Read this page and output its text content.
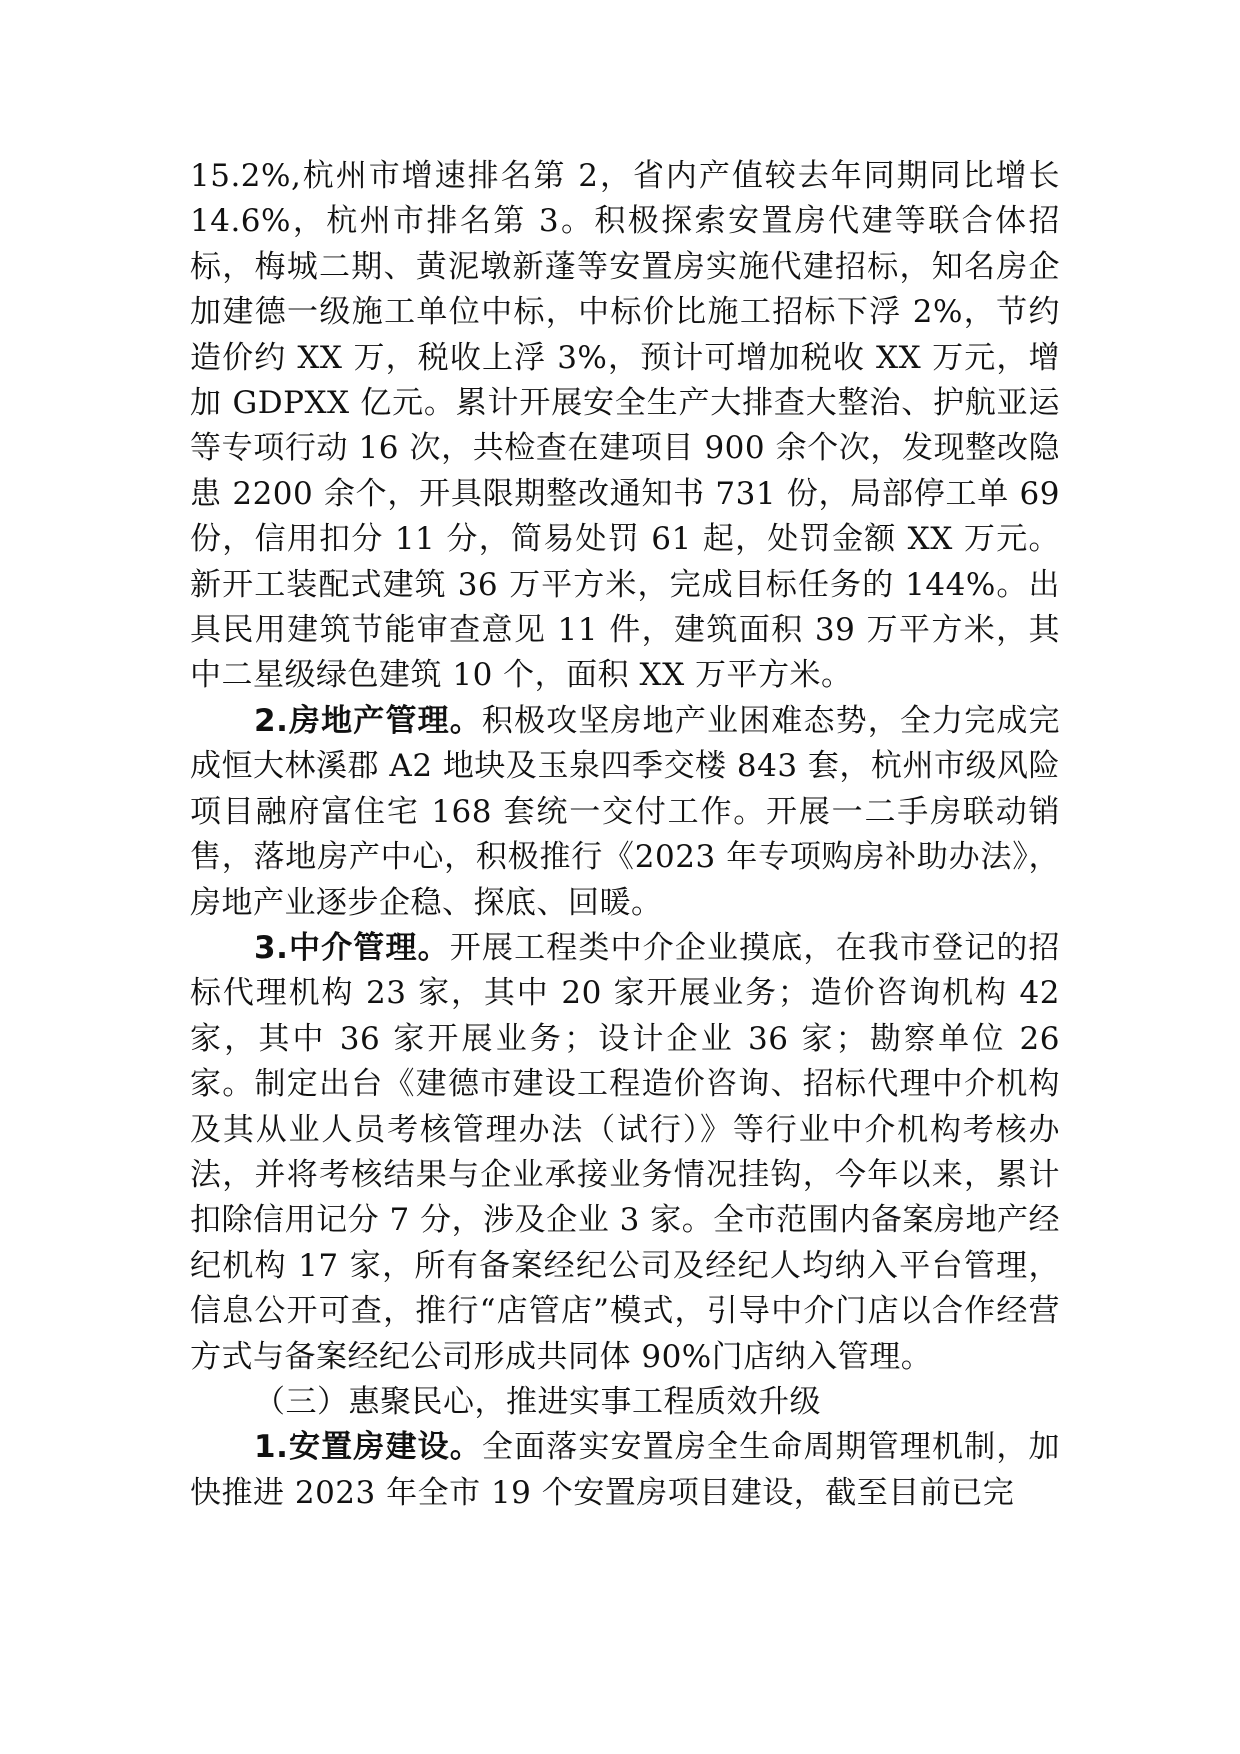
15.2%,杭州市增速排名第 2，省内产值较去年同期同比增长 14.6%，杭州市排名第 3。积极探索安置房代建等联合体招标，梅城二期、黄泥墩新蓬等安置房实施代建招标，知名房企加建德一级施工单位中标，中标价比施工招标下浮 2%，节约造价约 XX 万，税收上浮 3%，预计可增加税收 XX 万元，增加 GDPXX 亿元。累计开展安全生产大排查大整治、护航亚运等专项行动 16 次，共检查在建项目 900 余个次，发现整改隐患 2200 余个，开具限期整改通知书 731 份，局部停工单 69 份，信用扣分 11 分，简易处罚 61 起，处罚金额 XX 万元。新开工装配式建筑 36 万平方米，完成目标任务的 144%。出具民用建筑节能审查意见 11 件，建筑面积 39 万平方米，其中二星级绿色建筑 10 个，面积 XX 万平方米。

2.房地产管理。积极攻坚房地产业困难态势，全力完成完成恒大林溪郡 A2 地块及玉泉四季交楼 843 套，杭州市级风险项目融府富住宅 168 套统一交付工作。开展一二手房联动销售，落地房产中心，积极推行《2023 年专项购房补助办法》，房地产业逐步企稳、探底、回暖。

3.中介管理。开展工程类中介企业摸底，在我市登记的招标代理机构 23 家，其中 20 家开展业务；造价咨询机构 42 家，其中 36 家开展业务；设计企业 36 家；勘察单位 26 家。制定出台《建德市建设工程造价咨询、招标代理中介机构及其从业人员考核管理办法（试行）》等行业中介机构考核办法，并将考核结果与企业承接业务情况挂钩，今年以来，累计扣除信用记分 7 分，涉及企业 3 家。全市范围内备案房地产经纪机构 17 家，所有备案经纪公司及经纪人均纳入平台管理，信息公开可查，推行“店管店”模式，引导中介门店以合作经营方式与备案经纪公司形成共同体 90%门店纳入管理。

（三）惠聚民心，推进实事工程质效升级

1.安置房建设。全面落实安置房全生命周期管理机制，加快推进 2023 年全市 19 个安置房项目建设，截至目前已完
